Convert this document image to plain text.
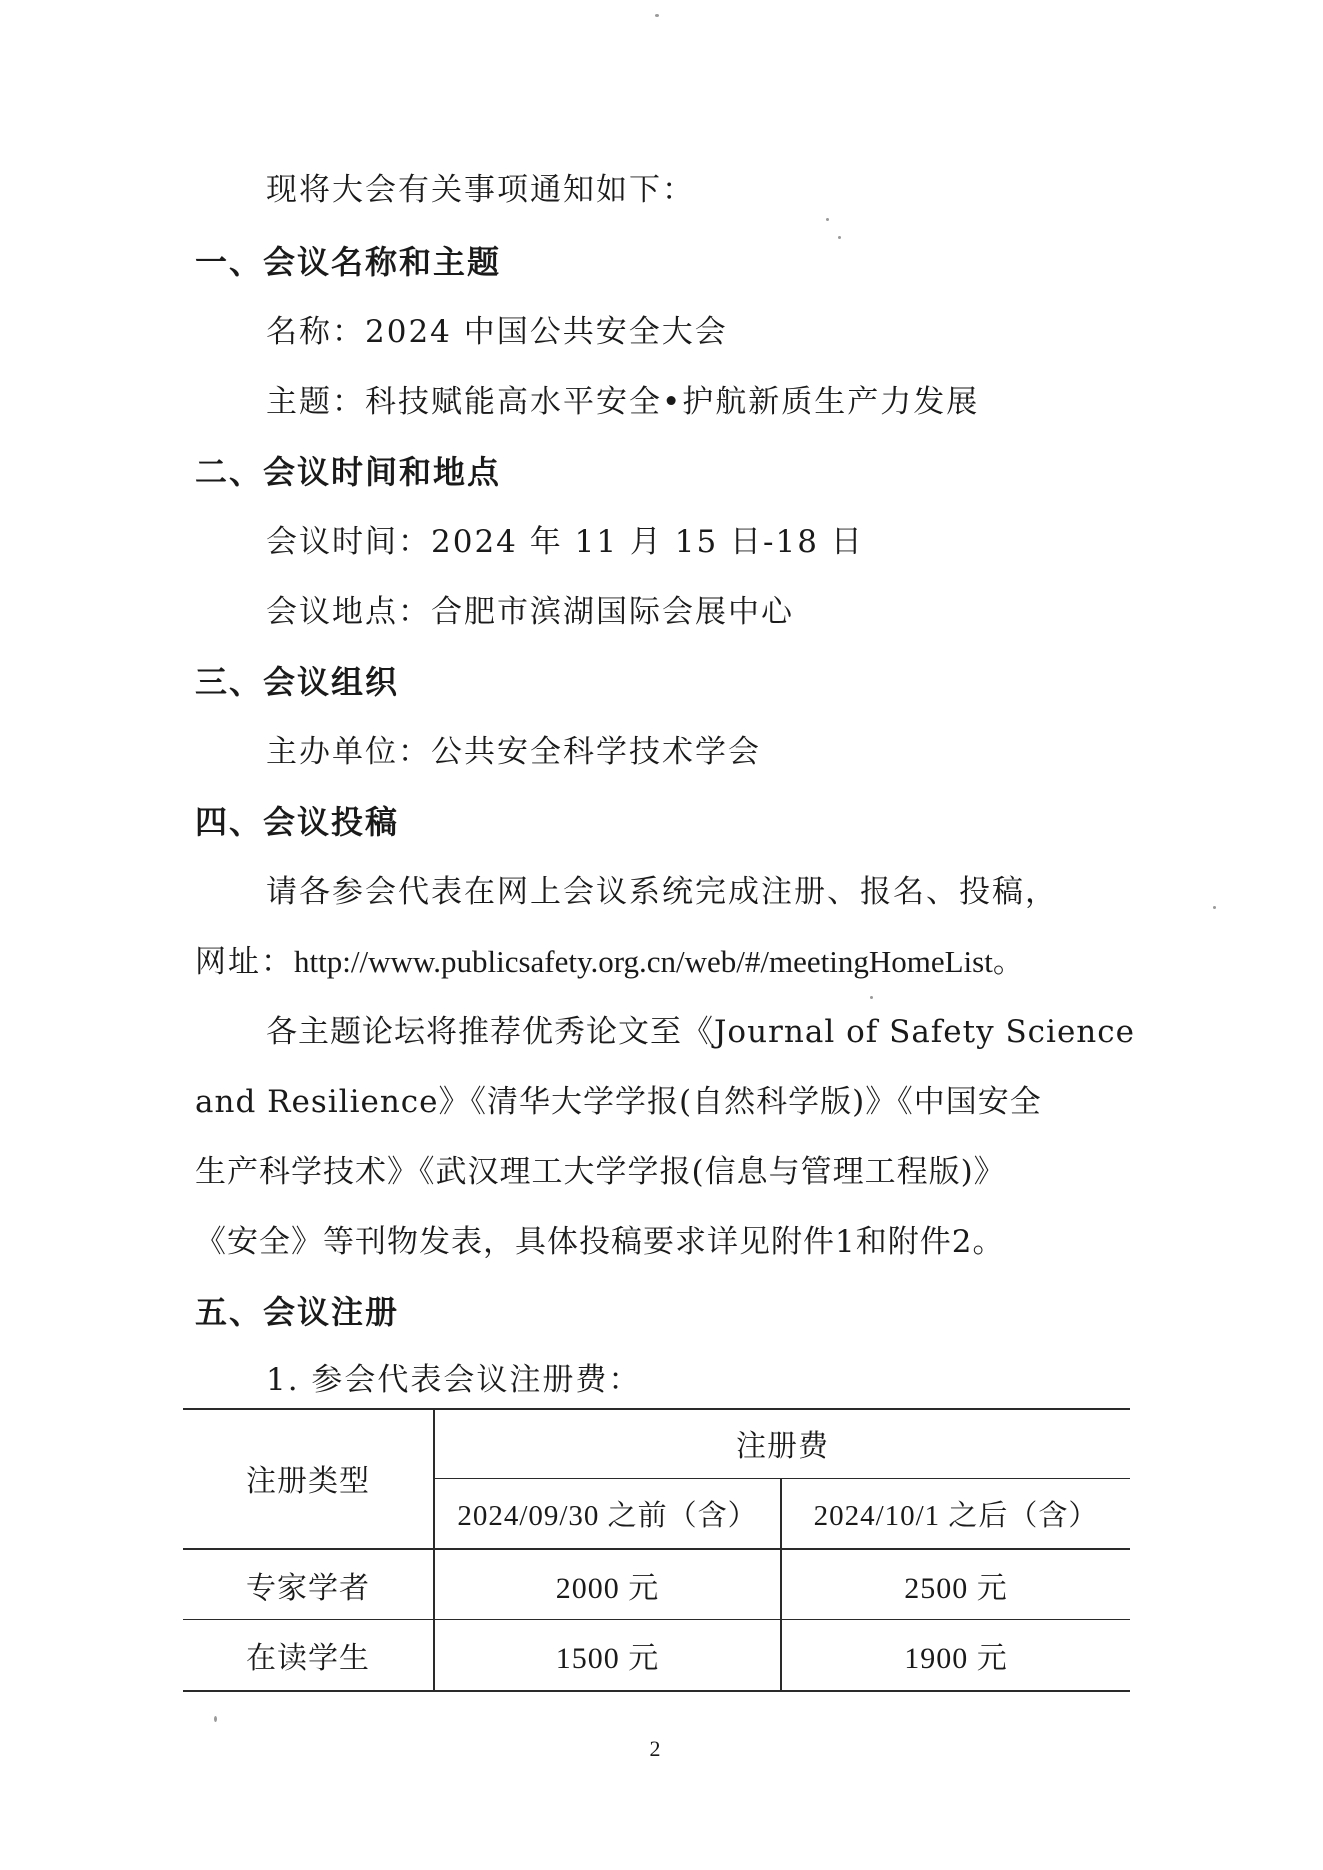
现将大会有关事项通知如下：
一、会议名称和主题
名称：2024 中国公共安全大会
主题：科技赋能高水平安全•护航新质生产力发展
二、会议时间和地点
会议时间：2024 年 11 月 15 日-18 日
会议地点：合肥市滨湖国际会展中心
三、会议组织
主办单位：公共安全科学技术学会
四、会议投稿
请各参会代表在网上会议系统完成注册、报名、投稿，
网址：http://www.publicsafety.org.cn/web/#/meetingHomeList。
各主题论坛将推荐优秀论文至《Journal of Safety Science
and Resilience》《清华大学学报(自然科学版)》《中国安全
生产科学技术》《武汉理工大学学报(信息与管理工程版)》
《安全》等刊物发表，具体投稿要求详见附件1和附件2。
五、会议注册
1. 参会代表会议注册费：
注册类型
注册费
2024/09/30 之前（含）	2024/10/1 之后（含）
专家学者	2000 元	2500 元
在读学生	1500 元	1900 元
2
